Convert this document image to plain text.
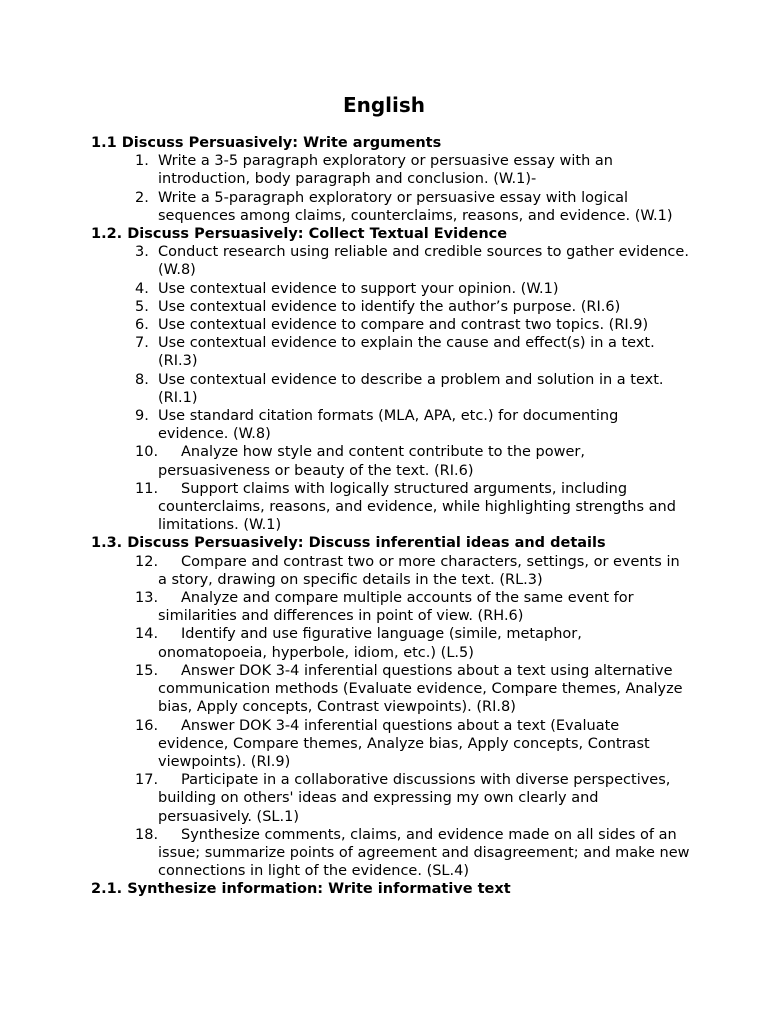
English
1.1 Discuss Persuasively: Write arguments
1. Write a 3-5 paragraph exploratory or persuasive essay with an introduction, body paragraph and conclusion. (W.1)-
2. Write a 5-paragraph exploratory or persuasive essay with logical sequences among claims, counterclaims, reasons, and evidence. (W.1)
1.2. Discuss Persuasively: Collect Textual Evidence
3. Conduct research using reliable and credible sources to gather evidence. (W.8)
4. Use contextual evidence to support your opinion. (W.1)
5. Use contextual evidence to identify the author’s purpose. (RI.6)
6. Use contextual evidence to compare and contrast two topics. (RI.9)
7. Use contextual evidence to explain the cause and effect(s) in a text. (RI.3)
8. Use contextual evidence to describe a problem and solution in a text. (RI.1)
9. Use standard citation formats (MLA, APA, etc.) for documenting evidence. (W.8)
10.	Analyze how style and content contribute to the power, persuasiveness or beauty of the text. (RI.6)
11.	Support claims with logically structured arguments, including counterclaims, reasons, and evidence, while highlighting strengths and limitations. (W.1)
1.3. Discuss Persuasively: Discuss inferential ideas and details
12.	Compare and contrast two or more characters, settings, or events in a story, drawing on specific details in the text. (RL.3)
13.	Analyze and compare multiple accounts of the same event for similarities and differences in point of view. (RH.6)
14.	Identify and use figurative language (simile, metaphor, onomatopoeia, hyperbole, idiom, etc.) (L.5)
15.	Answer DOK 3-4 inferential questions about a text using alternative communication methods (Evaluate evidence, Compare themes, Analyze bias, Apply concepts, Contrast viewpoints). (RI.8)
16.	Answer DOK 3-4 inferential questions about a text (Evaluate evidence, Compare themes, Analyze bias, Apply concepts, Contrast viewpoints). (RI.9)
17.	Participate in a collaborative discussions with diverse perspectives, building on others' ideas and expressing my own clearly and persuasively. (SL.1)
18.	Synthesize comments, claims, and evidence made on all sides of an issue; summarize points of agreement and disagreement; and make new connections in light of the evidence. (SL.4)
2.1. Synthesize information: Write informative text
